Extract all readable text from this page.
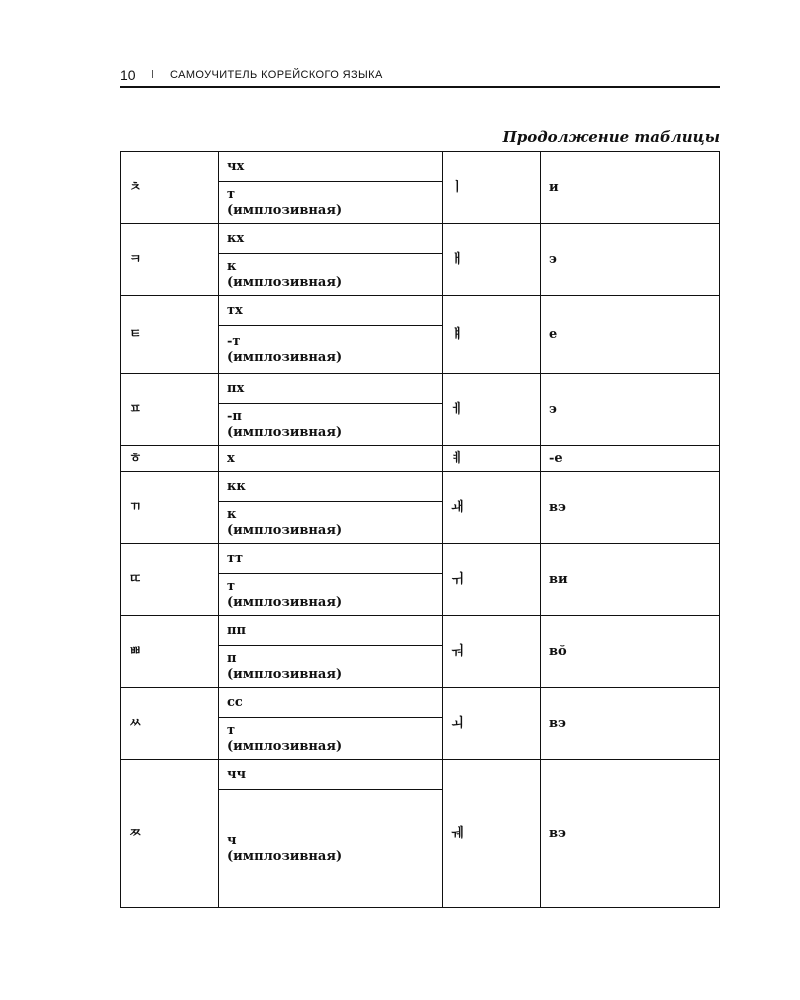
10	САМОУЧИТЕЛЬ КОРЕЙСКОГО ЯЗЫКА
Продолжение таблицы
ㅊ	чх	ㅣ	и
	т
(имплозивная)		
ㅋ	кх	ㅐ	э
	к
(имплозивная)		
ㅌ	тх	ㅒ	е
	-т
(имплозивная)		
ㅍ	пх	ㅔ	э
	-п
(имплозивная)		
ㅎ	х	ㅖ	-е
ㄲ	кк	ㅙ	вэ
	к
(имплозивная)		
ㄸ	тт	ㅟ	ви
	т
(имплозивная)		
ㅃ	пп	ㅝ	вŏ
	п
(имплозивная)		
ㅆ	сс	ㅚ	вэ
	т
(имплозивная)		
ㅉ	чч	ㅞ	вэ
	ч
(имплозивная)		
